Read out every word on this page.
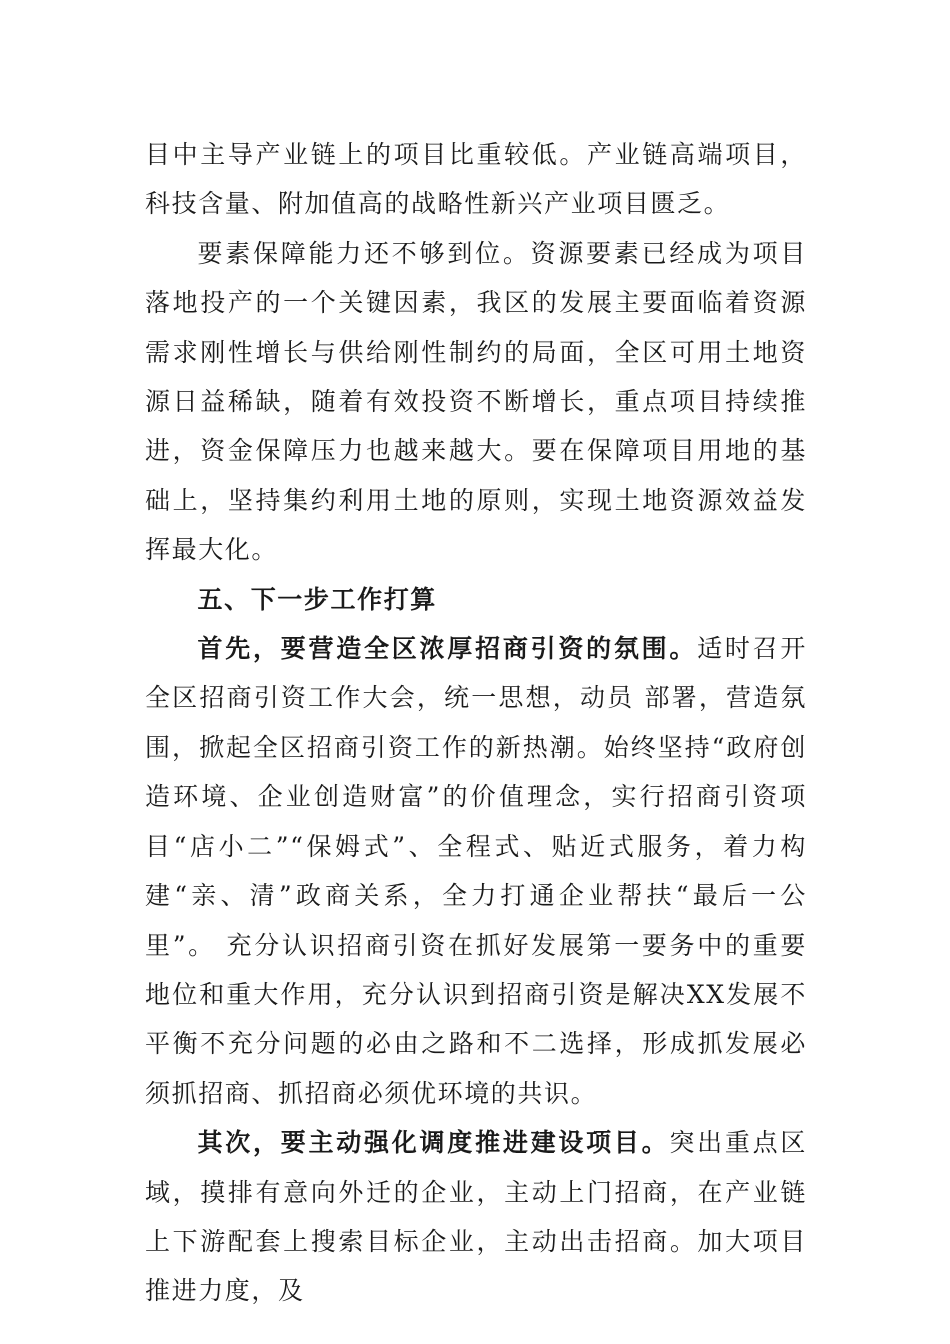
目中主导产业链上的项目比重较低。产业链高端项目，科技含量、附加值高的战略性新兴产业项目匮乏。

要素保障能力还不够到位。资源要素已经成为项目落地投产的一个关键因素，我区的发展主要面临着资源需求刚性增长与供给刚性制约的局面，全区可用土地资源日益稀缺，随着有效投资不断增长，重点项目持续推进，资金保障压力也越来越大。要在保障项目用地的基础上，坚持集约利用土地的原则，实现土地资源效益发挥最大化。

五、下一步工作打算

首先，要营造全区浓厚招商引资的氛围。适时召开全区招商引资工作大会，统一思想，动员 部署，营造氛围，掀起全区招商引资工作的新热潮。始终坚持“政府创造环境、企业创造财富”的价值理念，实行招商引资项目“店小二”“保姆式”、全程式、贴近式服务，着力构建“亲、清”政商关系，全力打通企业帮扶“最后一公里”。 充分认识招商引资在抓好发展第一要务中的重要地位和重大作用，充分认识到招商引资是解决XX发展不平衡不充分问题的必由之路和不二选择，形成抓发展必须抓招商、抓招商必须优环境的共识。

其次，要主动强化调度推进建设项目。突出重点区域，摸排有意向外迁的企业，主动上门招商，在产业链上下游配套上搜索目标企业，主动出击招商。加大项目推进力度，及
